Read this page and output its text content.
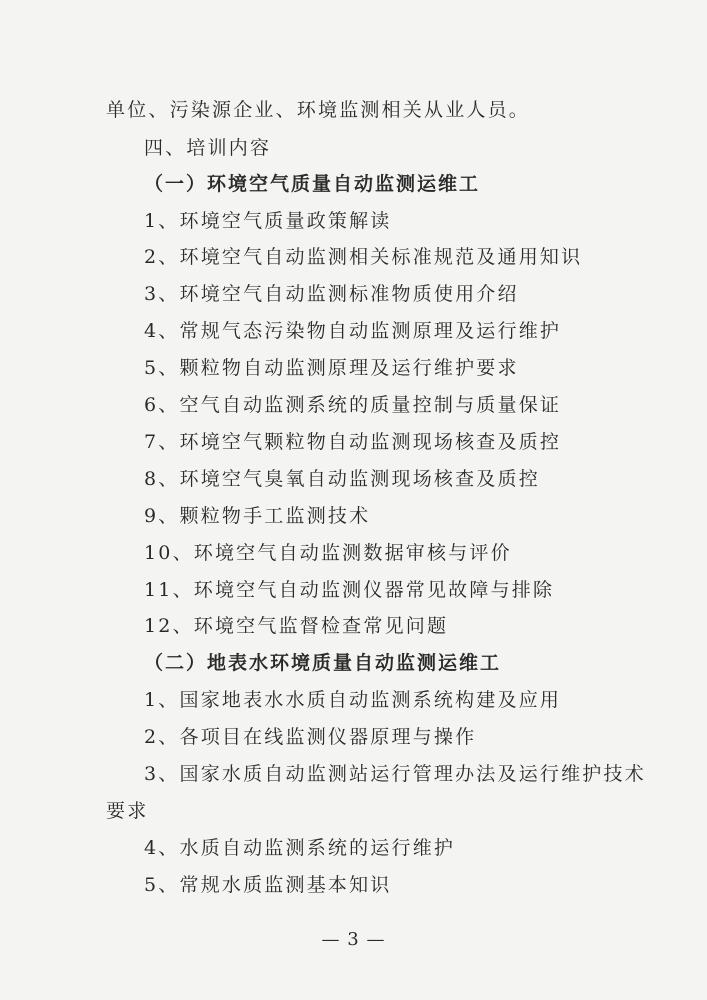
单位、污染源企业、环境监测相关从业人员。
四、培训内容
（一）环境空气质量自动监测运维工
1、环境空气质量政策解读
2、环境空气自动监测相关标准规范及通用知识
3、环境空气自动监测标准物质使用介绍
4、常规气态污染物自动监测原理及运行维护
5、颗粒物自动监测原理及运行维护要求
6、空气自动监测系统的质量控制与质量保证
7、环境空气颗粒物自动监测现场核查及质控
8、环境空气臭氧自动监测现场核查及质控
9、颗粒物手工监测技术
10、环境空气自动监测数据审核与评价
11、环境空气自动监测仪器常见故障与排除
12、环境空气监督检查常见问题
（二）地表水环境质量自动监测运维工
1、国家地表水水质自动监测系统构建及应用
2、各项目在线监测仪器原理与操作
3、国家水质自动监测站运行管理办法及运行维护技术
要求
4、水质自动监测系统的运行维护
5、常规水质监测基本知识
— 3 —
